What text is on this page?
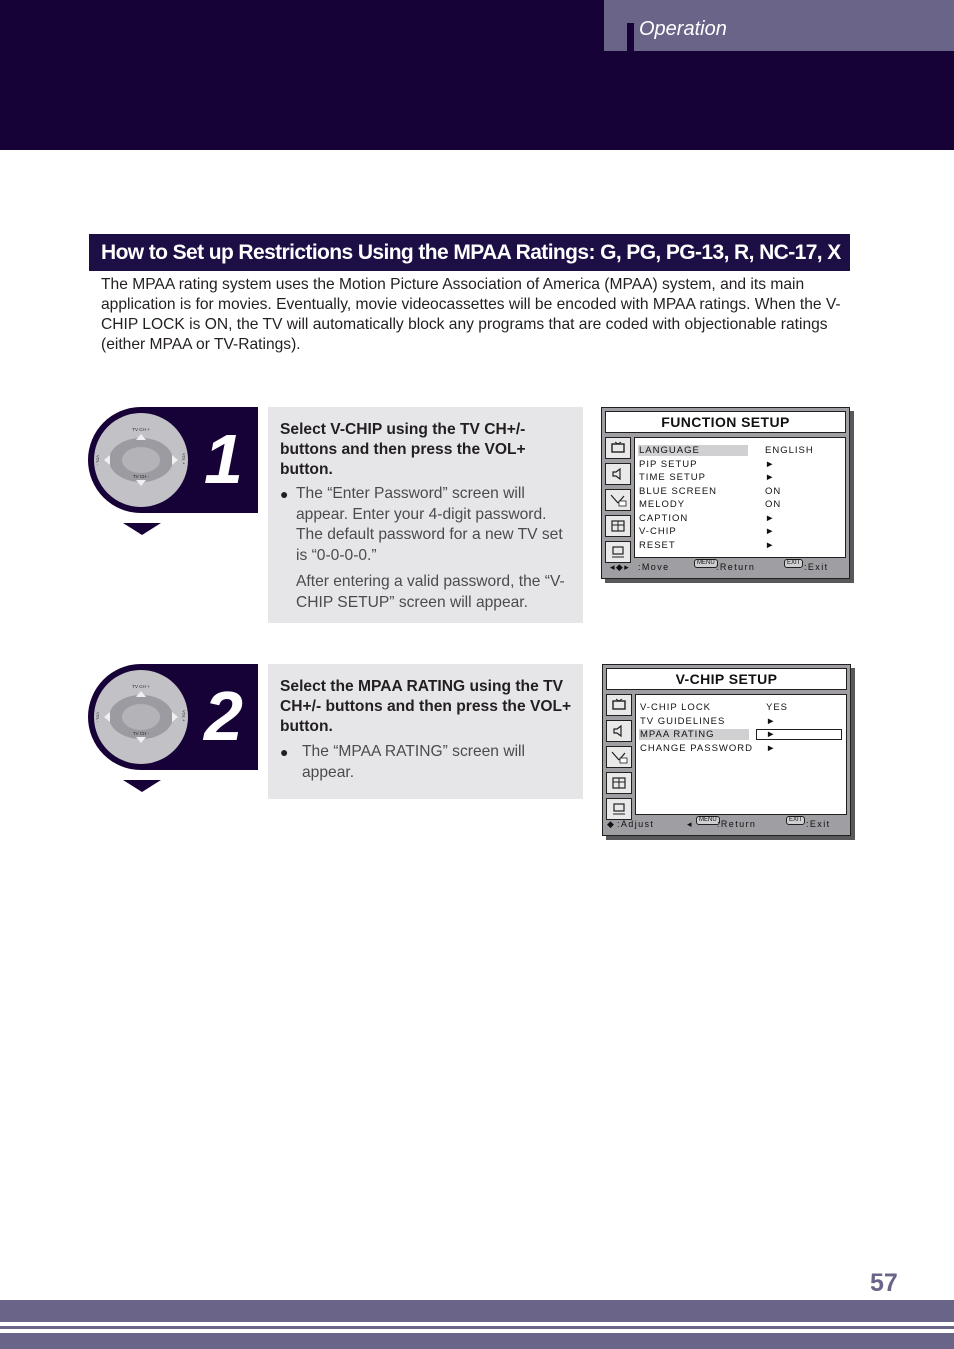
Operation
How to Set up Restrictions Using the MPAA Ratings: G, PG, PG-13, R, NC-17, X
The MPAA rating system uses the Motion Picture Association of America (MPAA) system, and its main application is for movies. Eventually, movie videocassettes will be encoded with MPAA ratings. When the V-CHIP LOCK is ON, the TV will automatically block any programs that are coded with objectionable ratings (either MPAA or TV-Ratings).
TV CH +
TV CH -
VOL -	VOL + 1 Select V-CHIP using the TV CH+/- buttons and then press the VOL+ button.
● The “Enter Password” screen will appear. Enter your 4-digit password. The default password for a new TV set is “0-0-0-0.”
After entering a valid password, the “V-CHIP SETUP” screen will appear.
FUNCTION SETUP
LANGUAGE	ENGLISH
PIP SETUP	►
TIME SETUP	►
BLUE SCREEN	ON
MELODY	ON
CAPTION	►
V-CHIP	►
RESET	►
◂◆▸ :Move	MENU :Return	EXIT :Exit
TV CH +
TV CH -
VOL -	VOL + 2 Select the MPAA RATING using the TV CH+/- buttons and then press the VOL+ button.
● The “MPAA RATING” screen will appear.
V-CHIP SETUP
V-CHIP LOCK	YES
TV GUIDELINES	►
MPAA RATING	►
CHANGE PASSWORD ►
◆ :Adjust	◂	MENU :Return	EXIT :Exit
57
